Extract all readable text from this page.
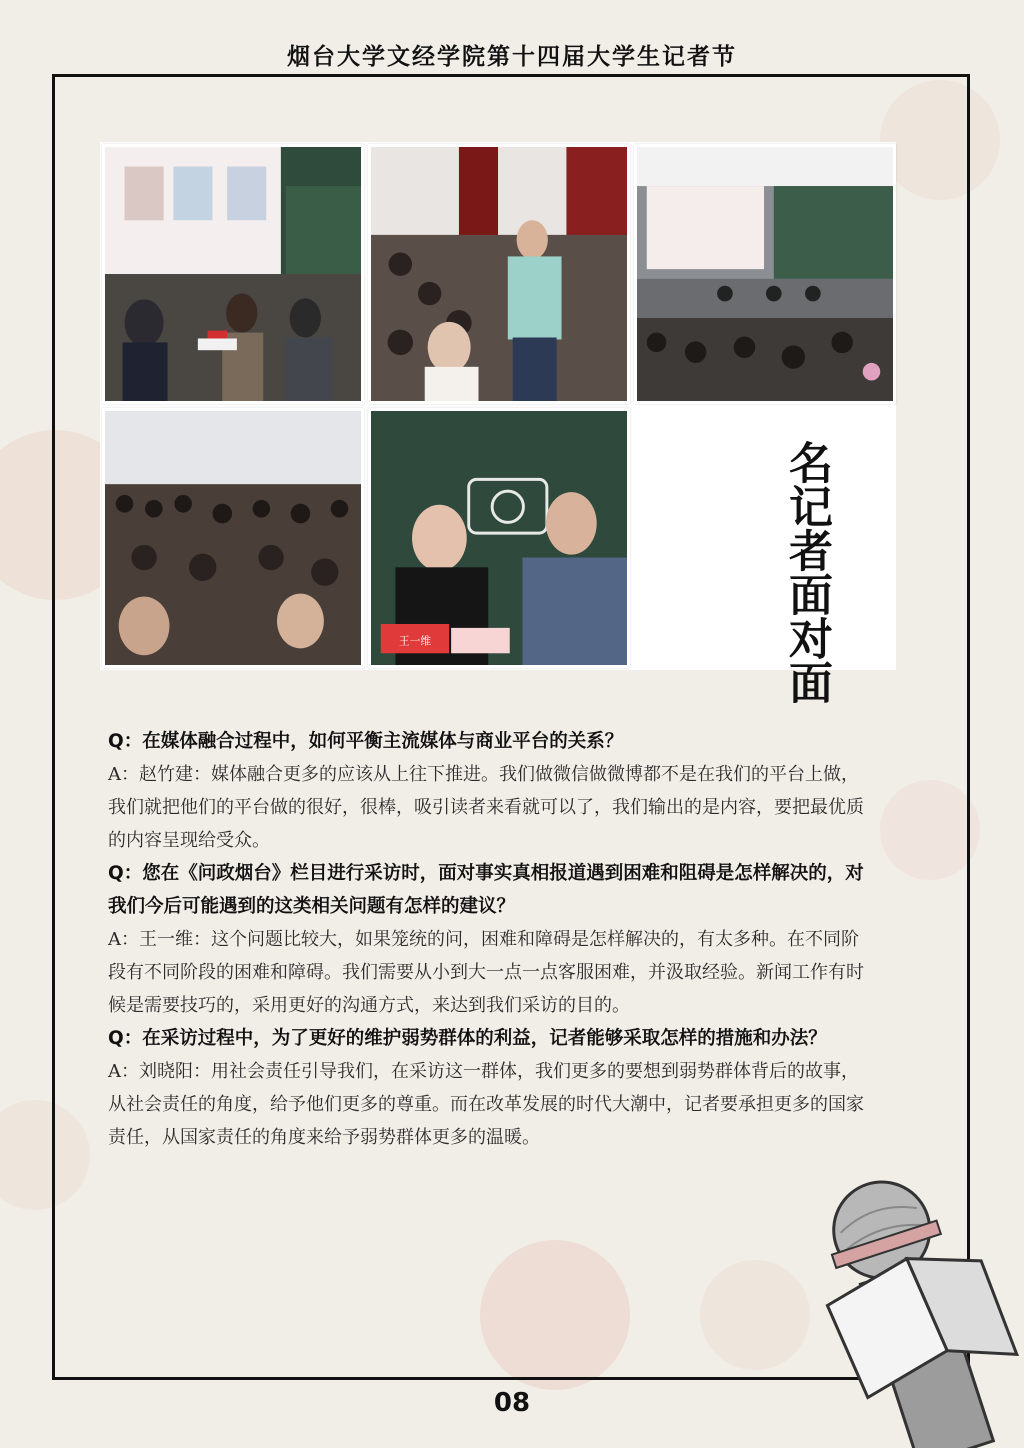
烟台大学文经学院第十四届大学生记者节
王一维	名记者面对面

Q：在媒体融合过程中，如何平衡主流媒体与商业平台的关系？

A：赵竹建：媒体融合更多的应该从上往下推进。我们做微信做微博都不是在我们的平台上做，我们就把他们的平台做的很好，很棒，吸引读者来看就可以了，我们输出的是内容，要把最优质的内容呈现给受众。

Q：您在《问政烟台》栏目进行采访时，面对事实真相报道遇到困难和阻碍是怎样解决的，对我们今后可能遇到的这类相关问题有怎样的建议？

A：王一维：这个问题比较大，如果笼统的问，困难和障碍是怎样解决的，有太多种。在不同阶段有不同阶段的困难和障碍。我们需要从小到大一点一点客服困难，并汲取经验。新闻工作有时候是需要技巧的，采用更好的沟通方式，来达到我们采访的目的。

Q：在采访过程中，为了更好的维护弱势群体的利益，记者能够采取怎样的措施和办法？

A：刘晓阳：用社会责任引导我们，在采访这一群体，我们更多的要想到弱势群体背后的故事，从社会责任的角度，给予他们更多的尊重。而在改革发展的时代大潮中，记者要承担更多的国家责任，从国家责任的角度来给予弱势群体更多的温暖。

08
